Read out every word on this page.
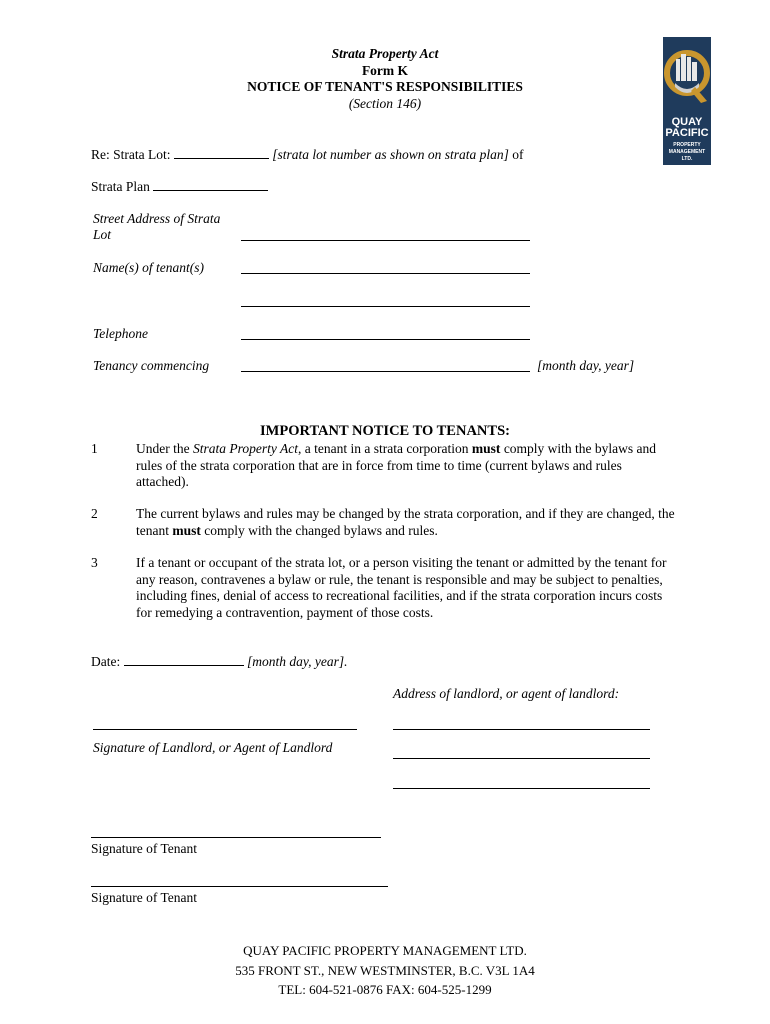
Strata Property Act
Form K
NOTICE OF TENANT'S RESPONSIBILITIES
(Section 146)
QUAY
PACIFIC
PROPERTY
MANAGEMENT LTD.
Re: Strata Lot:	[strata lot number as shown on strata plan] of
Strata Plan
Street Address of Strata
Lot
Name(s) of tenant(s)
Telephone
Tenancy commencing	[month day, year]
IMPORTANT NOTICE TO TENANTS:
1	Under the Strata Property Act, a tenant in a strata corporation must comply with the bylaws and rules of the strata corporation that are in force from time to time (current bylaws and rules attached).
2	The current bylaws and rules may be changed by the strata corporation, and if they are changed, the tenant must comply with the changed bylaws and rules.
3	If a tenant or occupant of the strata lot, or a person visiting the tenant or admitted by the tenant for any reason, contravenes a bylaw or rule, the tenant is responsible and may be subject to penalties, including fines, denial of access to recreational facilities, and if the strata corporation incurs costs for remedying a contravention, payment of those costs.
Date:	[month day, year].
Address of landlord, or agent of landlord:
Signature of Landlord, or Agent of Landlord
Signature of Tenant
Signature of Tenant
QUAY PACIFIC PROPERTY MANAGEMENT LTD.
535 FRONT ST., NEW WESTMINSTER, B.C. V3L 1A4
TEL: 604-521-0876 FAX: 604-525-1299
